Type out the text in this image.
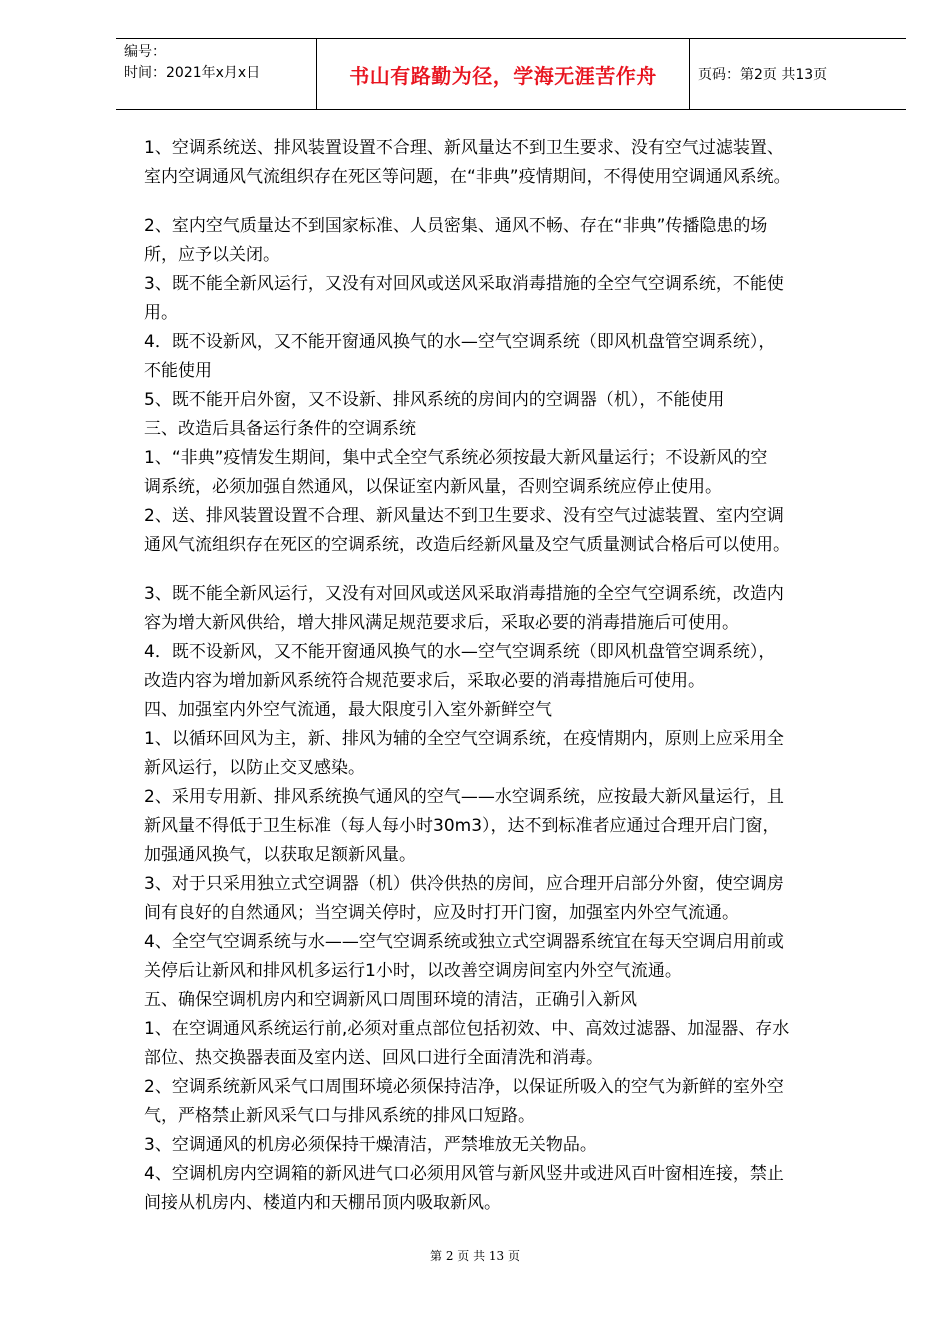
编号：
时间：2021年x月x日	书山有路勤为径，学海无涯苦作舟	页码：第2页 共13页

1、空调系统送、排风装置设置不合理、新风量达不到卫生要求、没有空气过滤装置、

室内空调通风气流组织存在死区等问题，在“非典”疫情期间，不得使用空调通风系统。

2、室内空气质量达不到国家标准、人员密集、通风不畅、存在“非典”传播隐患的场

所，应予以关闭。

3、既不能全新风运行，又没有对回风或送风采取消毒措施的全空气空调系统，不能使

用。

4．既不设新风，又不能开窗通风换气的水—空气空调系统（即风机盘管空调系统），

不能使用

5、既不能开启外窗，又不设新、排风系统的房间内的空调器（机），不能使用

三、改造后具备运行条件的空调系统

1、“非典”疫情发生期间，集中式全空气系统必须按最大新风量运行；不设新风的空

调系统，必须加强自然通风，以保证室内新风量，否则空调系统应停止使用。

2、送、排风装置设置不合理、新风量达不到卫生要求、没有空气过滤装置、室内空调

通风气流组织存在死区的空调系统，改造后经新风量及空气质量测试合格后可以使用。

3、既不能全新风运行，又没有对回风或送风采取消毒措施的全空气空调系统，改造内

容为增大新风供给，增大排风满足规范要求后，采取必要的消毒措施后可使用。

4．既不设新风，又不能开窗通风换气的水—空气空调系统（即风机盘管空调系统），

改造内容为增加新风系统符合规范要求后，采取必要的消毒措施后可使用。

四、加强室内外空气流通，最大限度引入室外新鲜空气

1、以循环回风为主，新、排风为辅的全空气空调系统，在疫情期内，原则上应采用全

新风运行，以防止交叉感染。

2、采用专用新、排风系统换气通风的空气——水空调系统，应按最大新风量运行，且

新风量不得低于卫生标准（每人每小时30m3），达不到标准者应通过合理开启门窗，

加强通风换气，以获取足额新风量。

3、对于只采用独立式空调器（机）供冷供热的房间，应合理开启部分外窗，使空调房

间有良好的自然通风；当空调关停时，应及时打开门窗，加强室内外空气流通。

4、全空气空调系统与水——空气空调系统或独立式空调器系统宜在每天空调启用前或

关停后让新风和排风机多运行1小时，以改善空调房间室内外空气流通。

五、确保空调机房内和空调新风口周围环境的清洁，正确引入新风

1、在空调通风系统运行前,必须对重点部位包括初效、中、高效过滤器、加湿器、存水

部位、热交换器表面及室内送、回风口进行全面清洗和消毒。

2、空调系统新风采气口周围环境必须保持洁净，以保证所吸入的空气为新鲜的室外空

气，严格禁止新风采气口与排风系统的排风口短路。

3、空调通风的机房必须保持干燥清洁，严禁堆放无关物品。

4、空调机房内空调箱的新风进气口必须用风管与新风竖井或进风百叶窗相连接，禁止

间接从机房内、楼道内和天棚吊顶内吸取新风。

第 2 页 共 13 页
